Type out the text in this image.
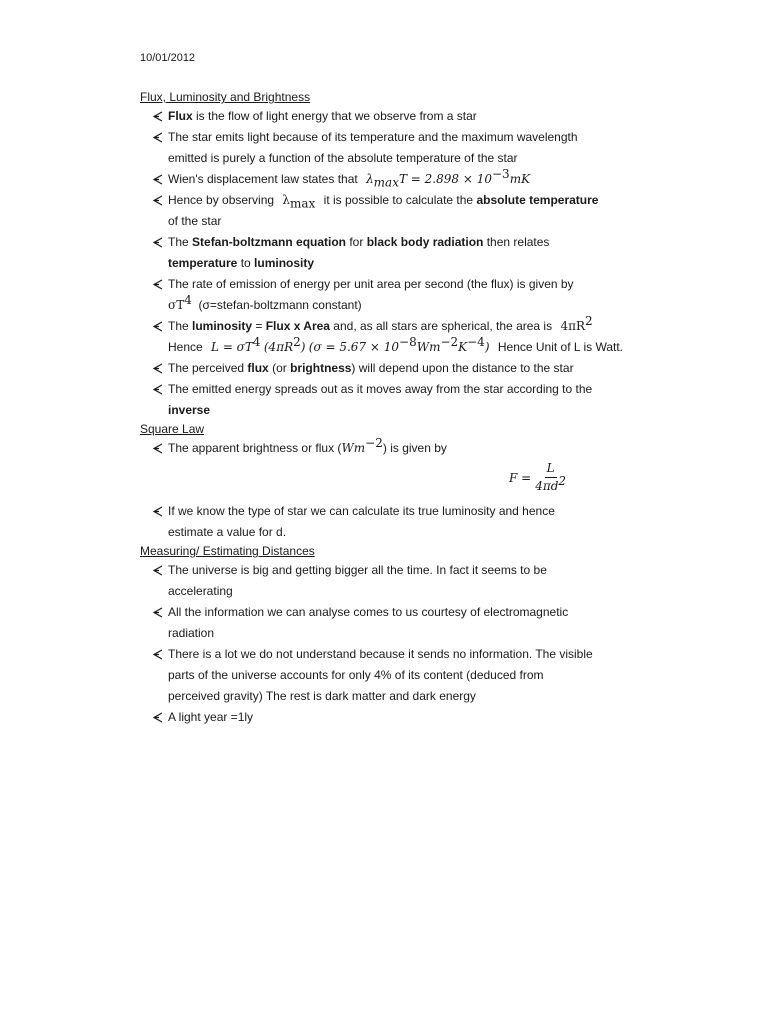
10/01/2012
Flux, Luminosity and Brightness
Flux is the flow of light energy that we observe from a star
The star emits light because of its temperature and the maximum wavelength
emitted is purely a function of the absolute temperature of the star
Wien's displacement law states that $\lambda_{max}T = 2.898 \times 10^{-3}mK$
Hence by observing $\lambda_{max}$ it is possible to calculate the absolute temperature
of the star
The Stefan-boltzmann equation for black body radiation then relates
temperature to luminosity
The rate of emission of energy per unit area per second (the flux) is given by
$\sigma T^4$ (σ=stefan-boltzmann constant)
The luminosity = Flux x Area and, as all stars are spherical, the area is $4\pi R^2$
Hence $L = \sigma T^4$ $(4\pi R^2) (\sigma = 5.67 \times 10^{-8}Wm^{-2}K^{-4})$ Hence Unit of L is Watt.
The perceived flux (or brightness) will depend upon the distance to the star
The emitted energy spreads out as it moves away from the star according to the
inverse
Square Law
The apparent brightness or flux $(Wm^{-2})$ is given by
$F = \frac{L}{4\pi d^2}$
If we know the type of star we can calculate its true luminosity and hence
estimate a value for d.
Measuring/ Estimating Distances
The universe is big and getting bigger all the time. In fact it seems to be
accelerating
All the information we can analyse comes to us courtesy of electromagnetic
radiation
There is a lot we do not understand because it sends no information. The visible
parts of the universe accounts for only 4% of its content (deduced from
perceived gravity) The rest is dark matter and dark energy
A light year =1ly
